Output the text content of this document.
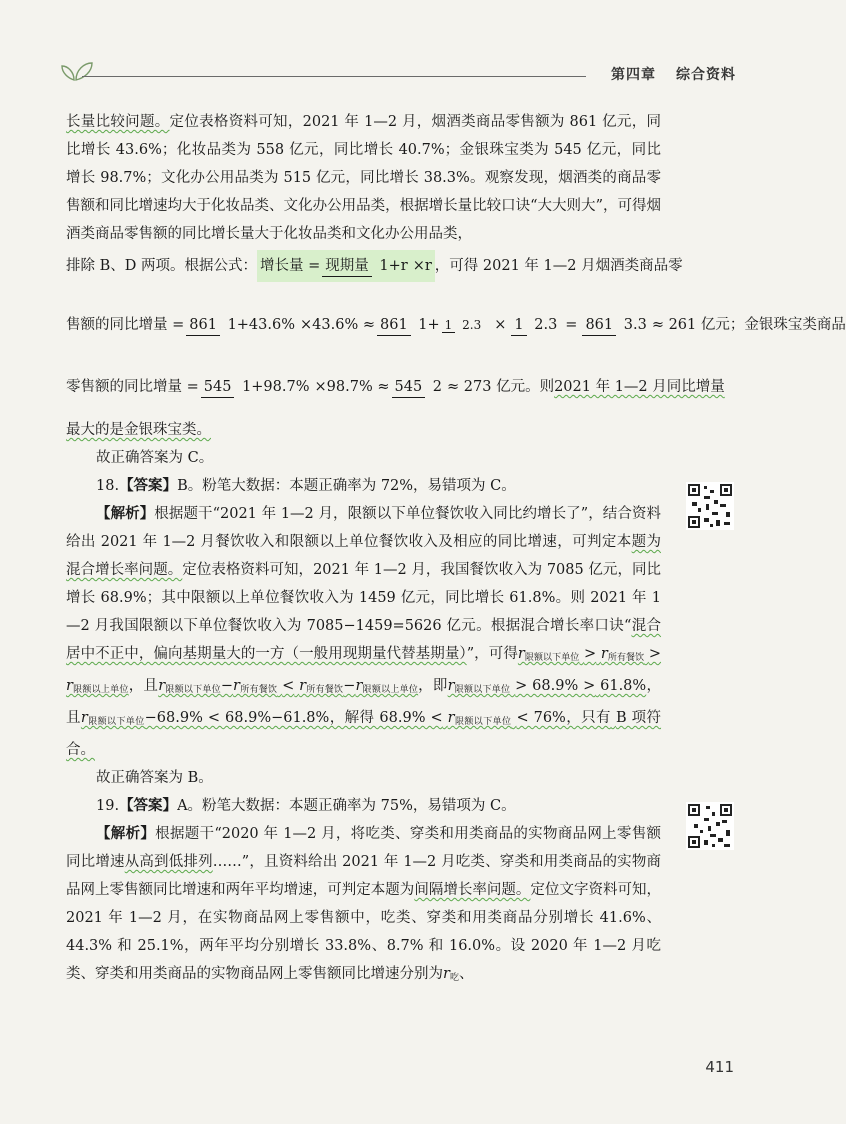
第四章 综合资料

长量比较问题。定位表格资料可知，2021 年 1—2 月，烟酒类商品零售额为 861 亿元，同比增长 43.6%；化妆品类为 558 亿元，同比增长 40.7%；金银珠宝类为 545 亿元，同比增长 98.7%；文化办公用品类为 515 亿元，同比增长 38.3%。观察发现，烟酒类的商品零售额和同比增速均大于化妆品类、文化办公用品类，根据增长量比较口诀“大大则大”，可得烟酒类商品零售额的同比增长量大于化妆品类和文化办公用品类，

排除 B、D 两项。根据公式： 增长量 = 现期量 1+r ×r ，可得 2021 年 1—2 月烟酒类商品零
售额的同比增量 = 861 1+43.6% ×43.6% ≈ 861 1+ 1 2.3 × 1 2.3 = 861 3.3 ≈ 261 亿元；金银珠宝类商品
零售额的同比增量 = 545 1+98.7% ×98.7% ≈ 545 2 ≈ 273 亿元。则 2021 年 1—2 月同比增量

最大的是金银珠宝类。

故正确答案为 C。

18.【答案】B。粉笔大数据：本题正确率为 72%，易错项为 C。

【解析】根据题干“2021 年 1—2 月，限额以下单位餐饮收入同比约增长了”，结合资料给出 2021 年 1—2 月餐饮收入和限额以上单位餐饮收入及相应的同比增速，可判定本题为混合增长率问题。定位表格资料可知，2021 年 1—2 月，我国餐饮收入为 7085 亿元，同比增长 68.9%；其中限额以上单位餐饮收入为 1459 亿元，同比增长 61.8%。则 2021 年 1—2 月我国限额以下单位餐饮收入为 7085−1459=5626 亿元。根据混合增长率口诀“混合居中不正中，偏向基期量大的一方（一般用现期量代替基期量）”，可得$r_{限额以下单位} > r_{所有餐饮} > r_{限额以上单位}$，且$r_{限额以下单位}-r_{所有餐饮} < r_{所有餐饮}-r_{限额以上单位}$，即$r_{限额以下单位} > 68.9\% > 61.8\%$，且$r_{限额以下单位}-68.9\% < 68.9\%-61.8\%$，解得 $68.9\% < r_{限额以下单位} < 76\%$，只有 B 项符合。

故正确答案为 B。

19.【答案】A。粉笔大数据：本题正确率为 75%，易错项为 C。

【解析】根据题干“2020 年 1—2 月，将吃类、穿类和用类商品的实物商品网上零售额同比增速从高到低排列……”，且资料给出 2021 年 1—2 月吃类、穿类和用类商品的实物商品网上零售额同比增速和两年平均增速，可判定本题为间隔增长率问题。定位文字资料可知，2021 年 1—2 月，在实物商品网上零售额中，吃类、穿类和用类商品分别增长 41.6%、44.3% 和 25.1%，两年平均分别增长 33.8%、8.7% 和 16.0%。设 2020 年 1—2 月吃类、穿类和用类商品的实物商品网上零售额同比增速分别为$r_吃$、

411
